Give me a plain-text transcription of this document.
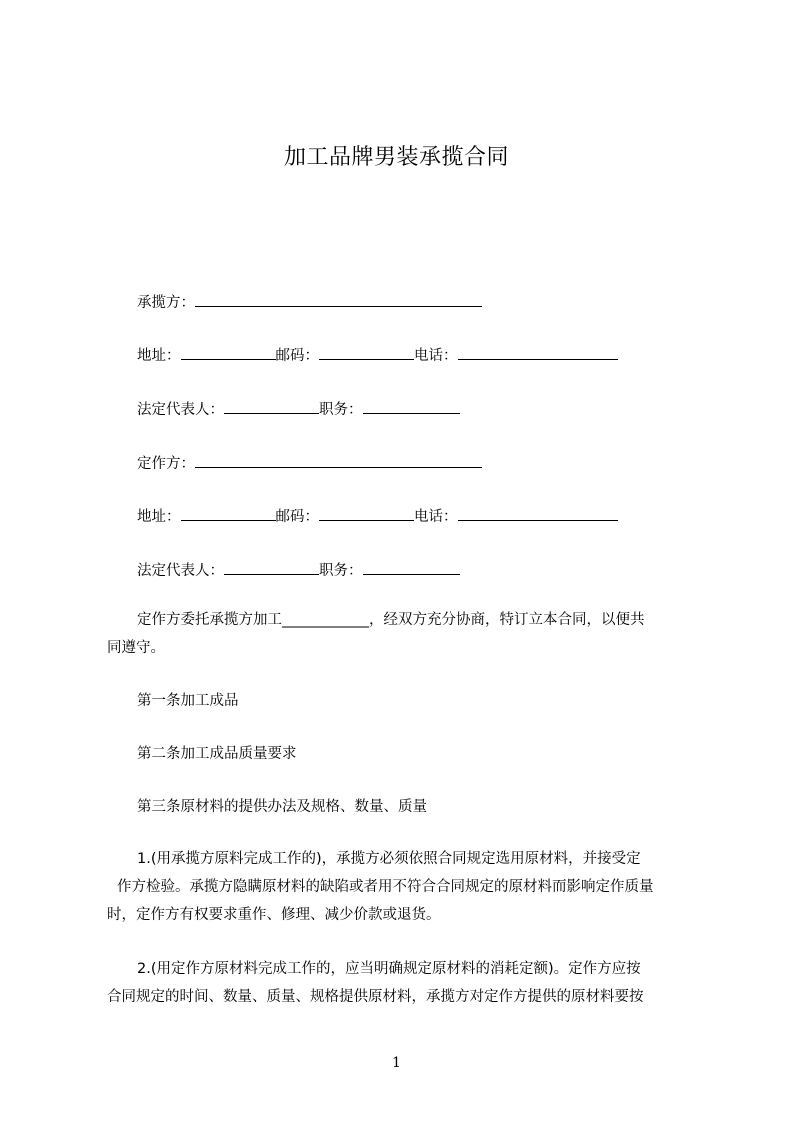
加工品牌男装承揽合同
承揽方：
地址：	邮码：	电话：
法定代表人：	职务：
定作方：
地址：	邮码：	电话：
法定代表人：	职务：
定作方委托承揽方加工____________，经双方充分协商，特订立本合同，以便共
同遵守。
第一条加工成品
第二条加工成品质量要求
第三条原材料的提供办法及规格、数量、质量
1.(用承揽方原料完成工作的)，承揽方必须依照合同规定选用原材料，并接受定
作方检验。承揽方隐瞒原材料的缺陷或者用不符合合同规定的原材料而影响定作质量
时，定作方有权要求重作、修理、减少价款或退货。
2.(用定作方原材料完成工作的，应当明确规定原材料的消耗定额)。定作方应按
合同规定的时间、数量、质量、规格提供原材料，承揽方对定作方提供的原材料要按
1
